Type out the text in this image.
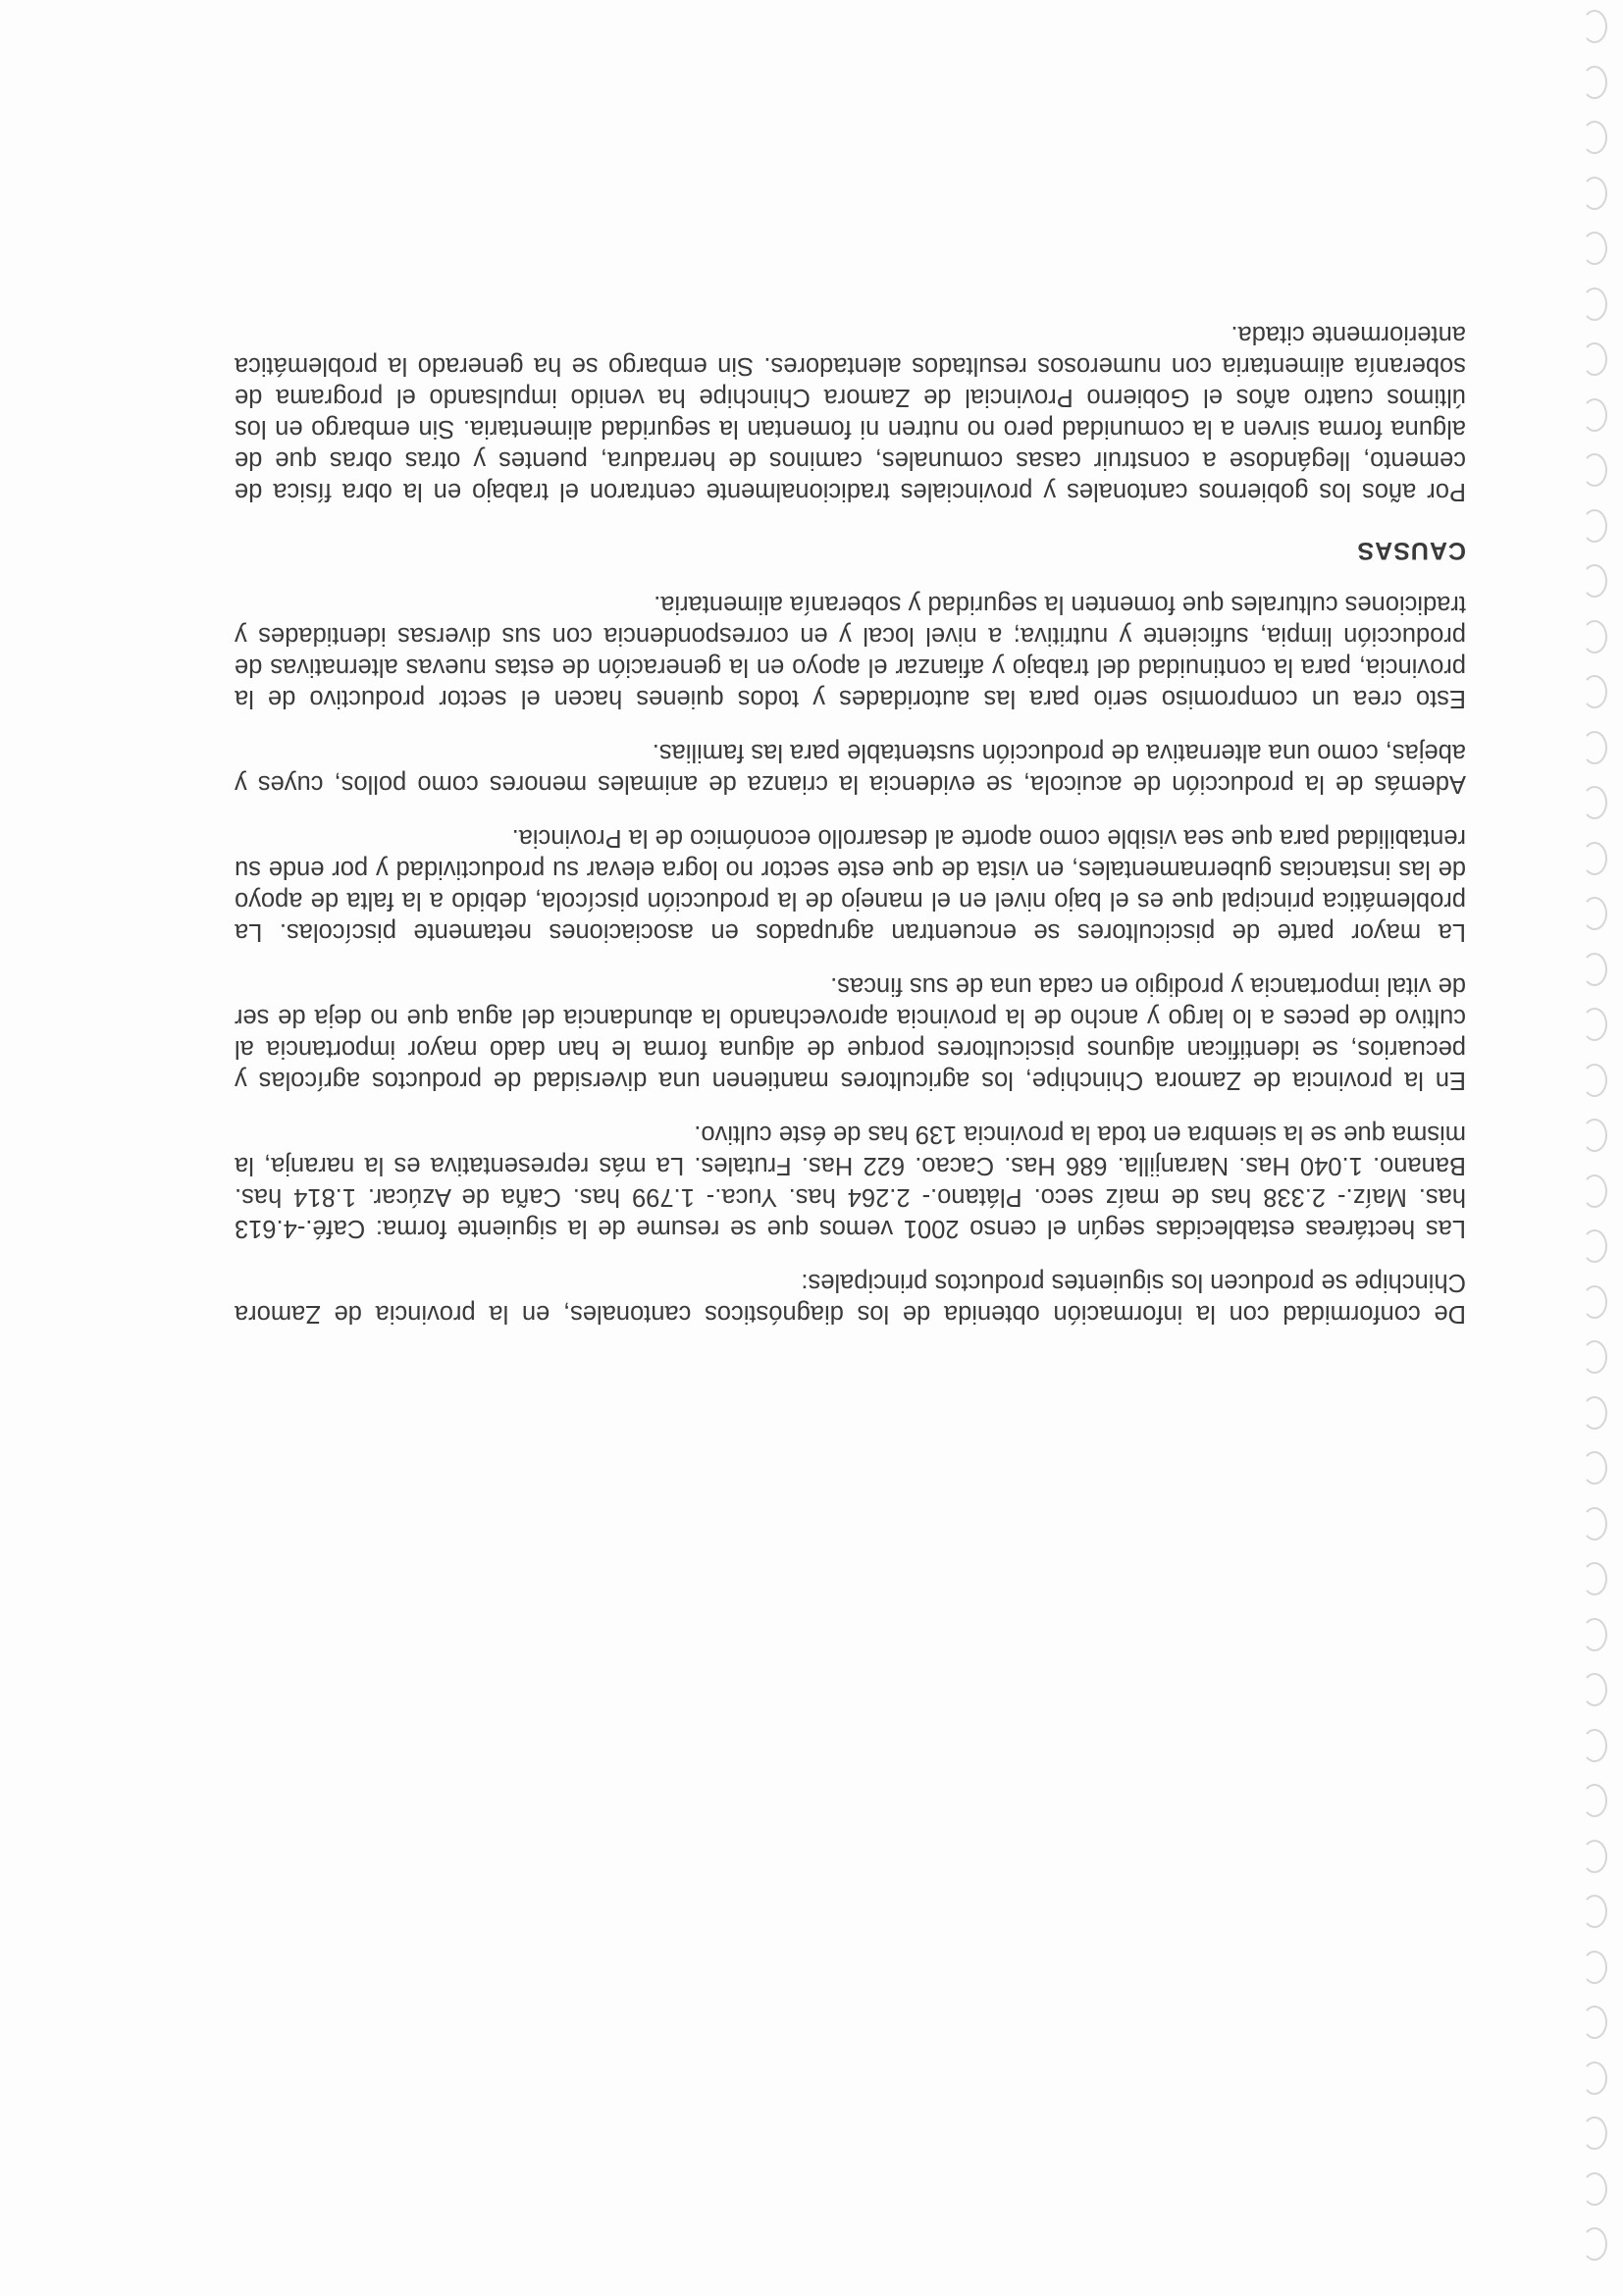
De conformidad con la información obtenida de los diagnósticos cantonales, en la provincia de Zamora Chinchipe se producen los siguientes productos principales:

Las hectáreas establecidas según el censo 2001 vemos que se resume de la siguiente forma: Café.-4.613 has. Maíz.- 2.338 has de maíz seco. Plátano.- 2.264 has. Yuca.- 1.799 has. Caña de Azúcar. 1.814 has. Banano. 1.040 Has. Naranjilla. 686 Has. Cacao. 622 Has. Frutales. La más representativa es la naranja, la misma que se la siembra en toda la provincia 139 has de éste cultivo.

En la provincia de Zamora Chinchipe, los agricultores mantienen una diversidad de productos agrícolas y pecuarios, se identifican algunos piscicultores porque de alguna forma le han dado mayor importancia al cultivo de peces a lo largo y ancho de la provincia aprovechando la abundancia del agua que no deja de ser de vital importancia y prodigio en cada una de sus fincas.

La mayor parte de piscicultores se encuentran agrupados en asociaciones netamente piscícolas. La problemática principal que es el bajo nivel en el manejo de la producción piscícola, debido a la falta de apoyo de las instancias gubernamentales, en vista de que este sector no logra elevar su productividad y por ende su rentabilidad para que sea visible como aporte al desarrollo económico de la Provincia.

Además de la producción de acuicola, se evidencia la crianza de animales menores como pollos, cuyes y abejas, como una alternativa de producción sustentable para las familias.

Esto crea un compromiso serio para las autoridades y todos quienes hacen el sector productivo de la provincia, para la continuidad del trabajo y afianzar el apoyo en la generación de estas nuevas alternativas de producción limpia, suficiente y nutritiva; a nivel local y en correspondencia con sus diversas identidades y tradiciones culturales que fomenten la seguridad y soberanía alimentaria.

CAUSAS

Por años los gobiernos cantonales y provinciales tradicionalmente centraron el trabajo en la obra física de cemento, llegándose a construir casas comunales, caminos de herradura, puentes y otras obras que de alguna forma sirven a la comunidad pero no nutren ni fomentan la seguridad alimentaria. Sin embargo en los últimos cuatro años el Gobierno Provincial de Zamora Chinchipe ha venido impulsando el programa de soberanía alimentaria con numerosos resultados alentadores. Sin embargo se ha generado la problemática anteriormente citada.
